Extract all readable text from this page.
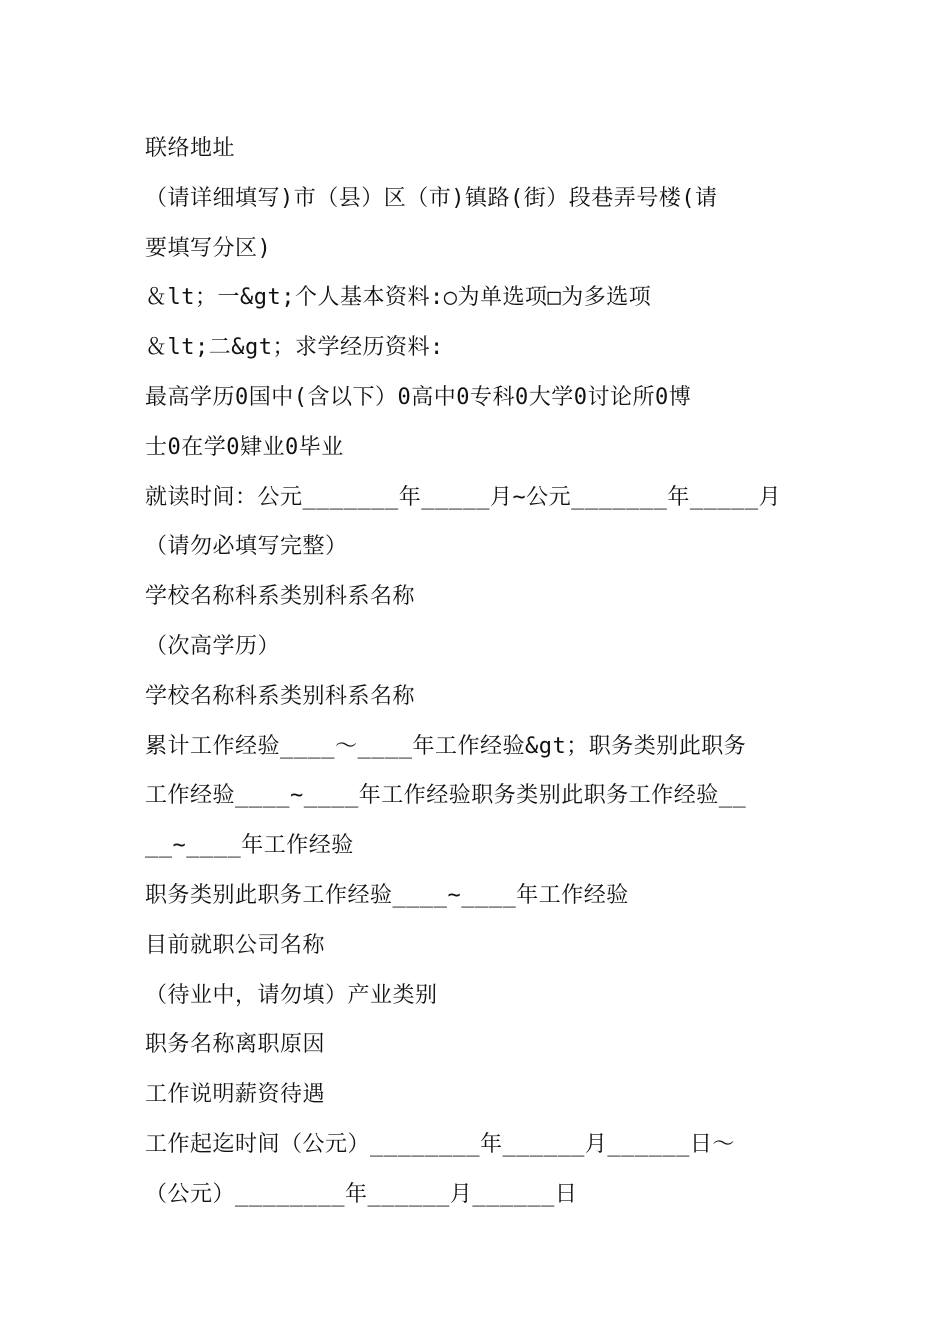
联络地址
（请详细填写)市（县）区（市)镇路(街）段巷弄号楼(请
要填写分区)
＆lt；一&gt;个人基本资料:○为单选项□为多选项
＆lt;二&gt；求学经历资料:
最高学历0国中(含以下）0高中0专科0大学0讨论所0博
士0在学0肄业0毕业
就读时间：公元_______年_____月~公元_______年_____月
（请勿必填写完整）
学校名称科系类别科系名称
（次高学历）
学校名称科系类别科系名称
累计工作经验____～____年工作经验&gt；职务类别此职务
工作经验____~____年工作经验职务类别此职务工作经验__
__~____年工作经验
职务类别此职务工作经验____~____年工作经验
目前就职公司名称
（待业中，请勿填）产业类别
职务名称离职原因
工作说明薪资待遇
工作起迄时间（公元）________年______月______日～
（公元）________年______月______日
